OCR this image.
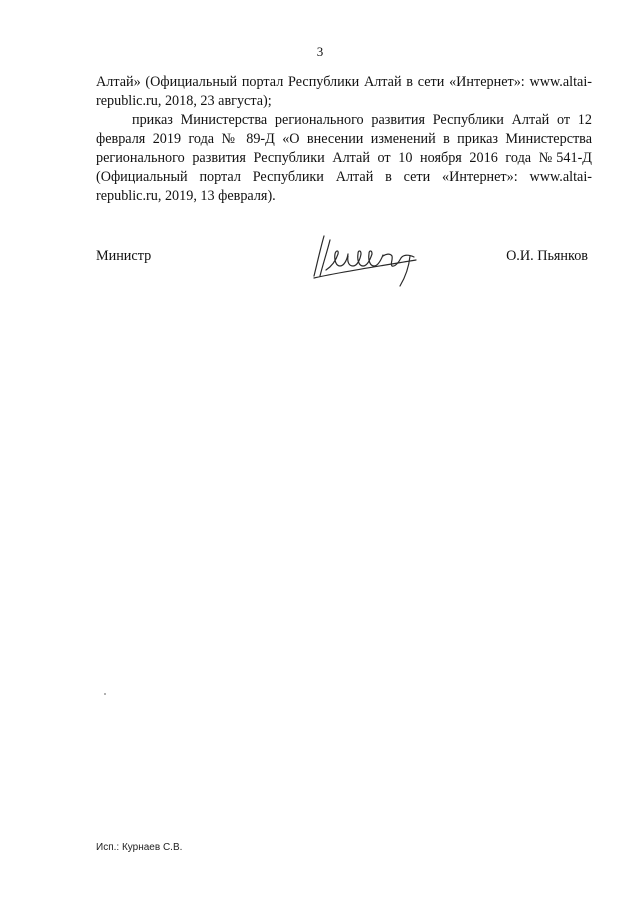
3

Алтай» (Официальный портал Республики Алтай в сети «Интернет»: www.altai-republic.ru, 2018, 23 августа);

приказ Министерства регионального развития Республики Алтай от 12 февраля 2019 года № 89-Д «О внесении изменений в приказ Министерства регионального развития Республики Алтай от 10 ноября 2016 года №541-Д (Официальный портал Республики Алтай в сети «Интернет»: www.altai-republic.ru, 2019, 13 февраля).

Министр	О.И. Пьянков
Исп.: Курнаев С.В.
